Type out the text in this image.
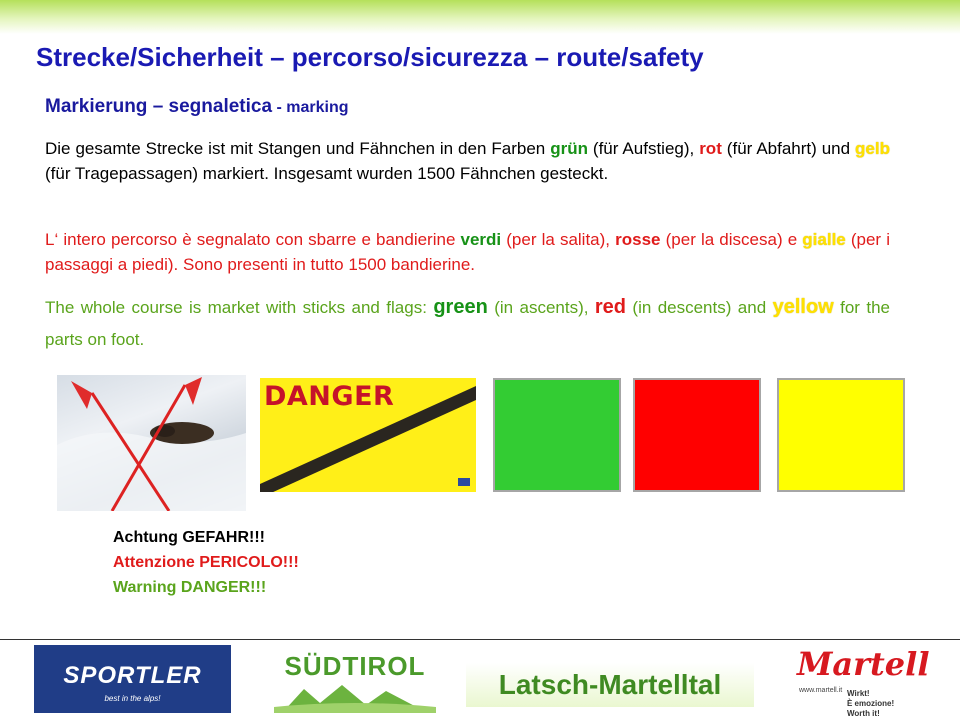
Strecke/Sicherheit – percorso/sicurezza – route/safety
Markierung – segnaletica - marking

Die gesamte Strecke ist mit Stangen und Fähnchen in den Farben grün (für Aufstieg), rot (für Abfahrt) und gelb (für Tragepassagen) markiert. Insgesamt wurden 1500 Fähnchen gesteckt.

L‘ intero percorso è segnalato con sbarre e bandierine verdi (per la salita), rosse (per la discesa) e gialle (per i passaggi a piedi). Sono presenti in tutto 1500 bandierine.

The whole course is market with sticks and flags: green (in ascents), red (in descents) and yellow for the parts on foot.

DANGER

Achtung GEFAHR!!!

Attenzione PERICOLO!!!

Warning DANGER!!!

SPORTLER
best in the alps!
SÜDTIROL
Latsch-Martelltal
Martell
www.martell.it Wirkt!
È emozione!
Worth it!
